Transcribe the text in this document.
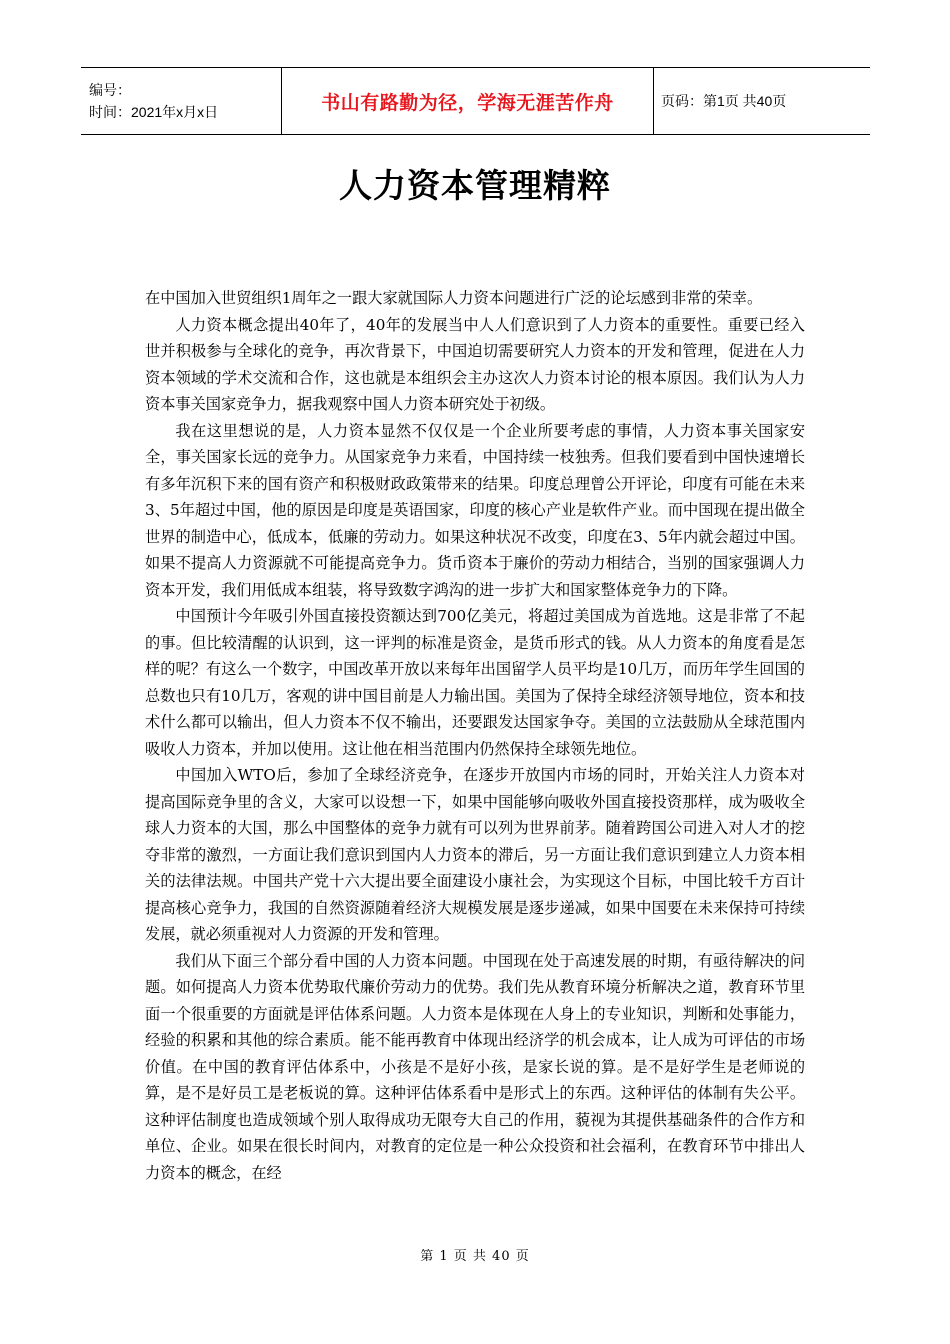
编号：
时间：2021年x月x日	书山有路勤为径，学海无涯苦作舟	页码：第1页 共40页
人力资本管理精粹

在中国加入世贸组织1周年之一跟大家就国际人力资本问题进行广泛的论坛感到非常的荣幸。

人力资本概念提出40年了，40年的发展当中人人们意识到了人力资本的重要性。重要已经入世并积极参与全球化的竞争，再次背景下，中国迫切需要研究人力资本的开发和管理，促进在人力资本领域的学术交流和合作，这也就是本组织会主办这次人力资本讨论的根本原因。我们认为人力资本事关国家竞争力，据我观察中国人力资本研究处于初级。

我在这里想说的是，人力资本显然不仅仅是一个企业所要考虑的事情，人力资本事关国家安全，事关国家长远的竞争力。从国家竞争力来看，中国持续一枝独秀。但我们要看到中国快速增长有多年沉积下来的国有资产和积极财政政策带来的结果。印度总理曾公开评论，印度有可能在未来3、5年超过中国，他的原因是印度是英语国家，印度的核心产业是软件产业。而中国现在提出做全世界的制造中心，低成本，低廉的劳动力。如果这种状况不改变，印度在3、5年内就会超过中国。如果不提高人力资源就不可能提高竞争力。货币资本于廉价的劳动力相结合，当别的国家强调人力资本开发，我们用低成本组装，将导致数字鸿沟的进一步扩大和国家整体竞争力的下降。

中国预计今年吸引外国直接投资额达到700亿美元，将超过美国成为首选地。这是非常了不起的事。但比较清醒的认识到，这一评判的标准是资金，是货币形式的钱。从人力资本的角度看是怎样的呢？有这么一个数字，中国改革开放以来每年出国留学人员平均是10几万，而历年学生回国的总数也只有10几万，客观的讲中国目前是人力输出国。美国为了保持全球经济领导地位，资本和技术什么都可以输出，但人力资本不仅不输出，还要跟发达国家争夺。美国的立法鼓励从全球范围内吸收人力资本，并加以使用。这让他在相当范围内仍然保持全球领先地位。

中国加入WTO后，参加了全球经济竞争，在逐步开放国内市场的同时，开始关注人力资本对提高国际竞争里的含义，大家可以设想一下，如果中国能够向吸收外国直接投资那样，成为吸收全球人力资本的大国，那么中国整体的竞争力就有可以列为世界前茅。随着跨国公司进入对人才的挖夺非常的激烈，一方面让我们意识到国内人力资本的滞后，另一方面让我们意识到建立人力资本相关的法律法规。中国共产党十六大提出要全面建设小康社会，为实现这个目标，中国比较千方百计提高核心竞争力，我国的自然资源随着经济大规模发展是逐步递减，如果中国要在未来保持可持续发展，就必须重视对人力资源的开发和管理。

我们从下面三个部分看中国的人力资本问题。中国现在处于高速发展的时期，有亟待解决的问题。如何提高人力资本优势取代廉价劳动力的优势。我们先从教育环境分析解决之道，教育环节里面一个很重要的方面就是评估体系问题。人力资本是体现在人身上的专业知识，判断和处事能力，经验的积累和其他的综合素质。能不能再教育中体现出经济学的机会成本，让人成为可评估的市场价值。在中国的教育评估体系中，小孩是不是好小孩，是家长说的算。是不是好学生是老师说的算，是不是好员工是老板说的算。这种评估体系看中是形式上的东西。这种评估的体制有失公平。这种评估制度也造成领域个别人取得成功无限夸大自己的作用，藐视为其提供基础条件的合作方和单位、企业。如果在很长时间内，对教育的定位是一种公众投资和社会福利，在教育环节中排出人力资本的概念，在经

第 1 页 共 40 页
